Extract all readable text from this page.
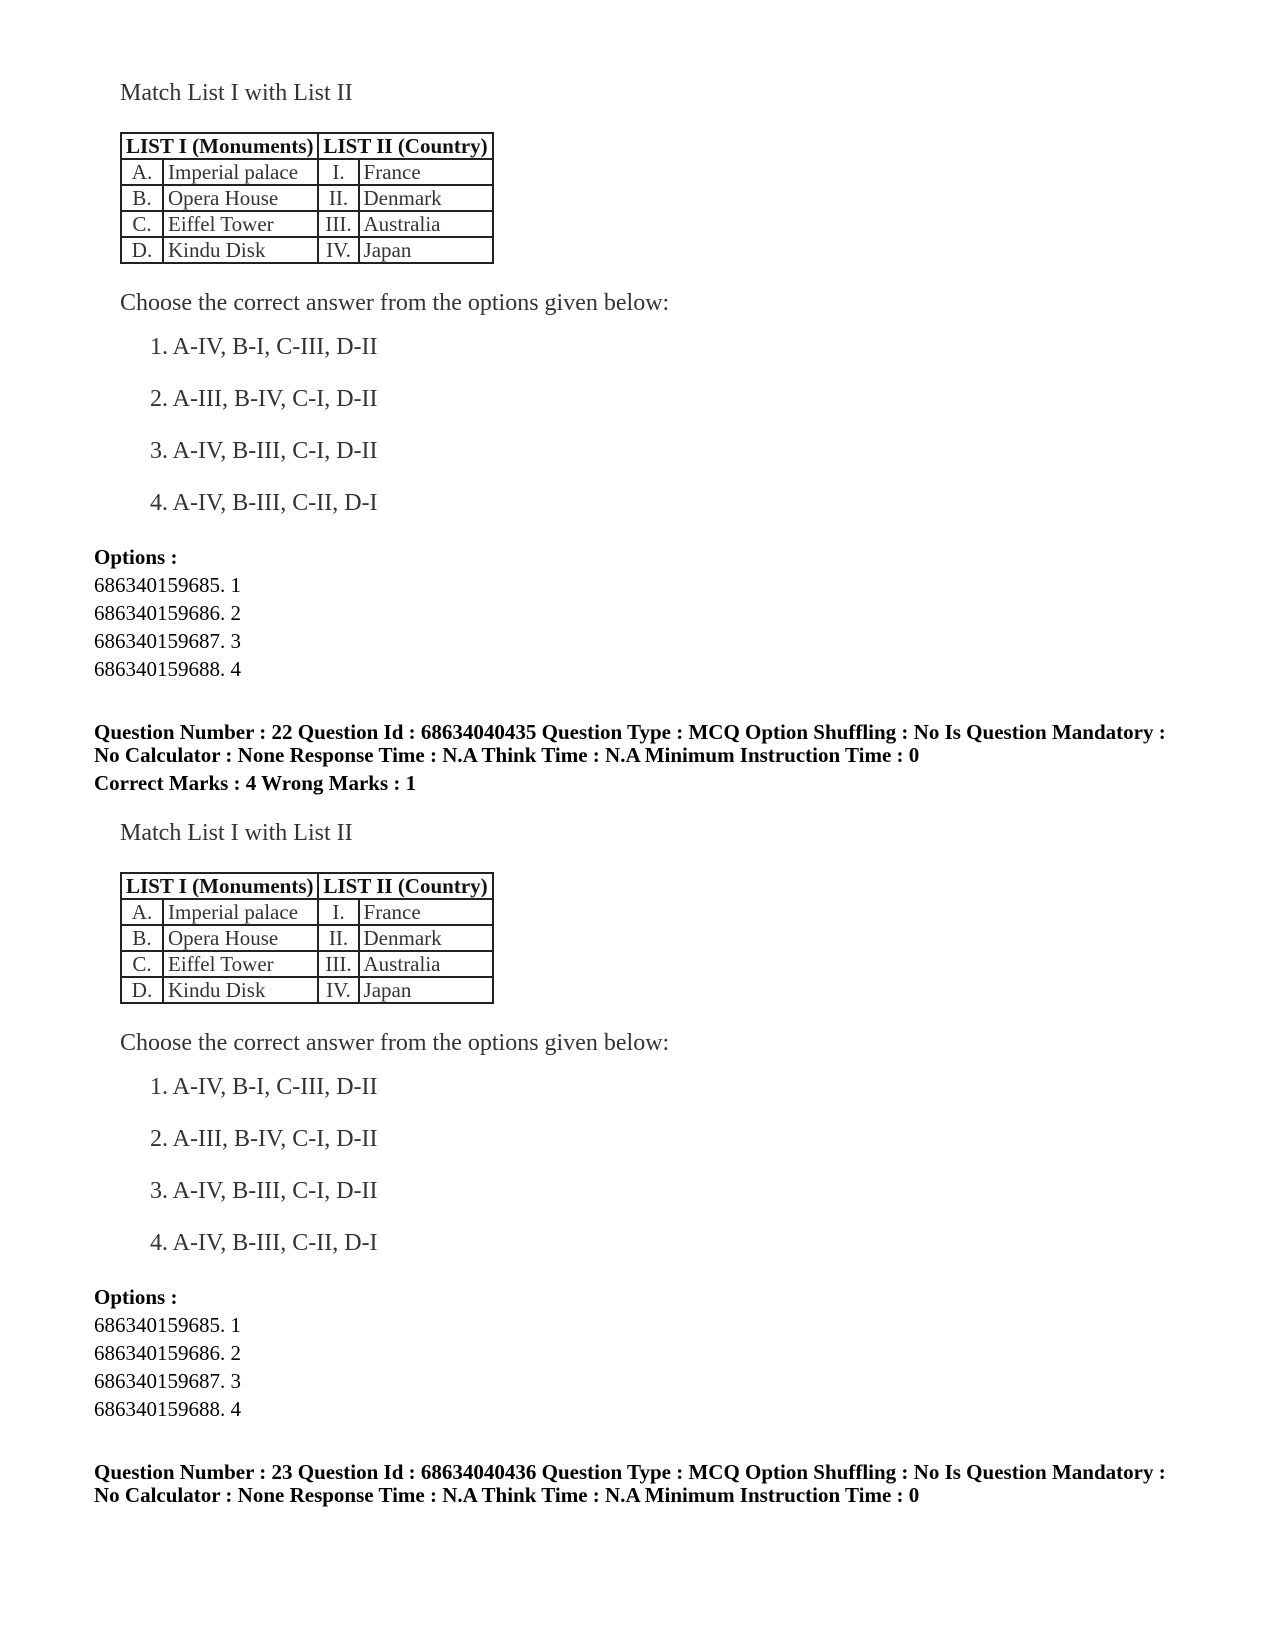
Match List I with List II
LIST I (Monuments)		LIST II (Country)	
A.	Imperial palace	I.	France
B.	Opera House	II.	Denmark
C.	Eiffel Tower	III.	Australia
D.	Kindu Disk	IV.	Japan
Choose the correct answer from the options given below:
1. A-IV, B-I, C-III, D-II
2. A-III, B-IV, C-I, D-II
3. A-IV, B-III, C-I, D-II
4. A-IV, B-III, C-II, D-I
Options :
686340159685. 1
686340159686. 2
686340159687. 3
686340159688. 4
Question Number : 22 Question Id : 68634040435 Question Type : MCQ Option Shuffling : No Is Question Mandatory :
No Calculator : None Response Time : N.A Think Time : N.A Minimum Instruction Time : 0
Correct Marks : 4 Wrong Marks : 1
Match List I with List II
LIST I (Monuments)		LIST II (Country)	
A.	Imperial palace	I.	France
B.	Opera House	II.	Denmark
C.	Eiffel Tower	III.	Australia
D.	Kindu Disk	IV.	Japan
Choose the correct answer from the options given below:
1. A-IV, B-I, C-III, D-II
2. A-III, B-IV, C-I, D-II
3. A-IV, B-III, C-I, D-II
4. A-IV, B-III, C-II, D-I
Options :
686340159685. 1
686340159686. 2
686340159687. 3
686340159688. 4
Question Number : 23 Question Id : 68634040436 Question Type : MCQ Option Shuffling : No Is Question Mandatory :
No Calculator : None Response Time : N.A Think Time : N.A Minimum Instruction Time : 0
